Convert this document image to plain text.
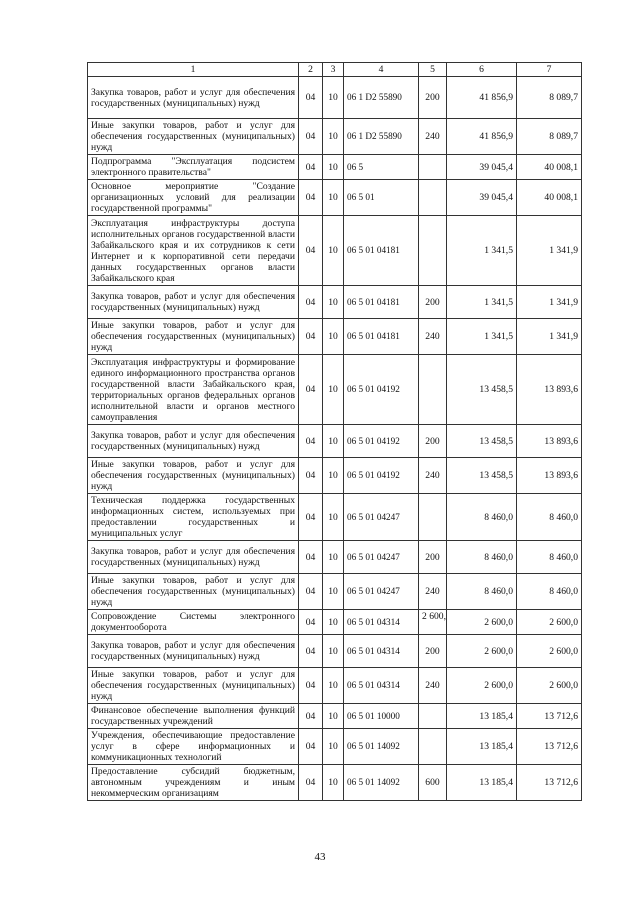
1	2	3	4	5	6	7
Закупка товаров, работ и услуг для обеспечения государственных (муниципальных) нужд	04	10	06 1 D2 55890	200	41 856,9	8 089,7
Иные закупки товаров, работ и услуг для обеспечения государственных (муниципальных) нужд	04	10	06 1 D2 55890	240	41 856,9	8 089,7
Подпрограмма "Эксплуатация подсистем электронного правительства"	04	10	06 5		39 045,4	40 008,1
Основное мероприятие "Создание организационных условий для реализации государственной программы"	04	10	06 5 01		39 045,4	40 008,1
Эксплуатация инфраструктуры доступа исполнительных органов государственной власти Забайкальского края и их сотрудников к сети Интернет и к корпоративной сети передачи данных государственных органов власти Забайкальского края	04	10	06 5 01 04181		1 341,5	1 341,9
Закупка товаров, работ и услуг для обеспечения государственных (муниципальных) нужд	04	10	06 5 01 04181	200	1 341,5	1 341,9
Иные закупки товаров, работ и услуг для обеспечения государственных (муниципальных) нужд	04	10	06 5 01 04181	240	1 341,5	1 341,9
Эксплуатация инфраструктуры и формирование единого информационного пространства органов государственной власти Забайкальского края, территориальных органов федеральных органов исполнительной власти и органов местного самоуправления	04	10	06 5 01 04192		13 458,5	13 893,6
Закупка товаров, работ и услуг для обеспечения государственных (муниципальных) нужд	04	10	06 5 01 04192	200	13 458,5	13 893,6
Иные закупки товаров, работ и услуг для обеспечения государственных (муниципальных) нужд	04	10	06 5 01 04192	240	13 458,5	13 893,6
Техническая поддержка государственных информационных систем, используемых при предоставлении государственных и муниципальных услуг	04	10	06 5 01 04247		8 460,0	8 460,0
Закупка товаров, работ и услуг для обеспечения государственных (муниципальных) нужд	04	10	06 5 01 04247	200	8 460,0	8 460,0
Иные закупки товаров, работ и услуг для обеспечения государственных (муниципальных) нужд	04	10	06 5 01 04247	240	8 460,0	8 460,0
Сопровождение Системы электронного документооборота	04	10	06 5 01 04314	2 600,	2 600,0	2 600,0
Закупка товаров, работ и услуг для обеспечения государственных (муниципальных) нужд	04	10	06 5 01 04314	200	2 600,0	2 600,0
Иные закупки товаров, работ и услуг для обеспечения государственных (муниципальных) нужд	04	10	06 5 01 04314	240	2 600,0	2 600,0
Финансовое обеспечение выполнения функций государственных учреждений	04	10	06 5 01 10000		13 185,4	13 712,6
Учреждения, обеспечивающие предоставление услуг в сфере информационных и коммуникационных технологий	04	10	06 5 01 14092		13 185,4	13 712,6
Предоставление субсидий бюджетным, автономным учреждениям и иным некоммерческим организациям	04	10	06 5 01 14092	600	13 185,4	13 712,6
43
